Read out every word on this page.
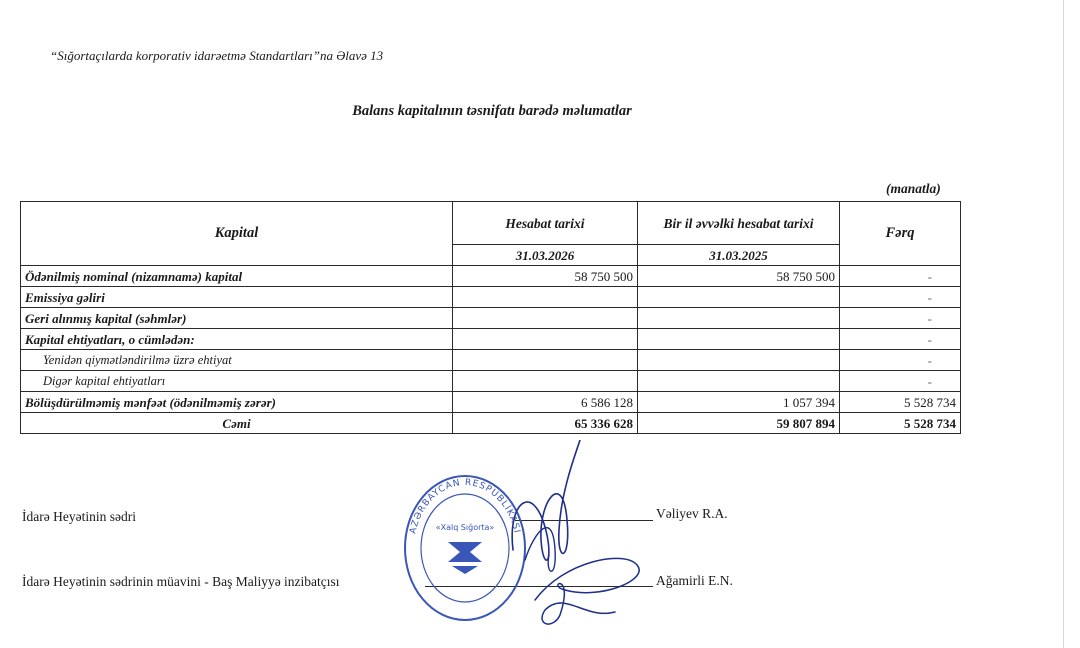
“Sığortaçılarda korporativ idarəetmə Standartları”na Əlavə 13
Balans kapitalının təsnifatı barədə məlumatlar
(manatla)
Kapital	Hesabat tarixi	Bir il əvvəlki hesabat tarixi	Fərq
	31.03.2026	31.03.2025	
Ödənilmiş nominal (nizamnamə) kapital	58 750 500	58 750 500	-
Emissiya gəliri			-
Geri alınmış kapital (səhmlər)			-
Kapital ehtiyatları, o cümlədən:			-
Yenidən qiymətləndirilmə üzrə ehtiyat			-
Digər kapital ehtiyatları			-
Bölüşdürülməmiş mənfəət (ödənilməmiş zərər)	6 586 128	1 057 394	5 528 734
Cəmi	65 336 628	59 807 894	5 528 734
İdarə Heyətinin sədri	Vəliyev R.A.
İdarə Heyətinin sədrinin müavini - Baş Maliyyə inzibatçısı	Ağamirli E.N.
AZƏRBAYCAN RESPUBLİKASI
«Xalq Sığorta»
